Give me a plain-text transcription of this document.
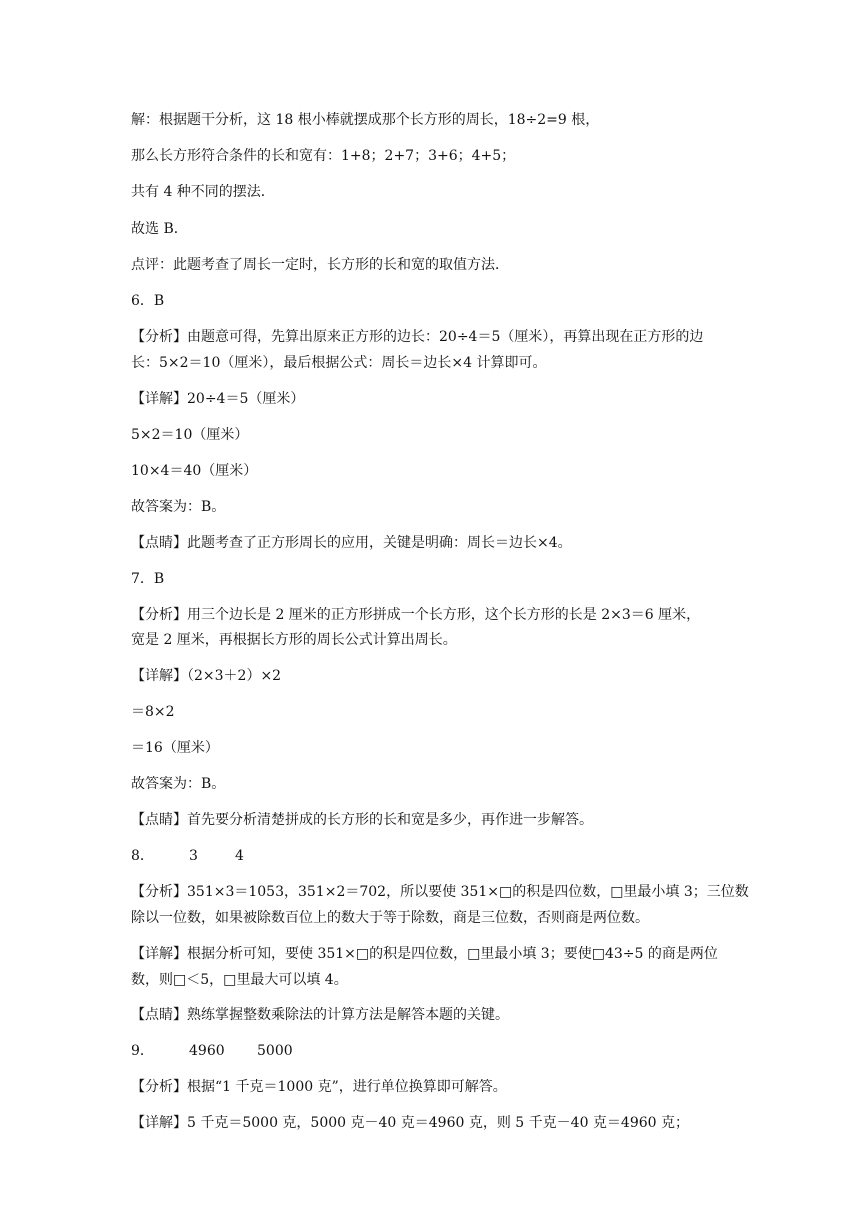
解：根据题干分析，这 18 根小棒就摆成那个长方形的周长，18÷2=9 根，
那么长方形符合条件的长和宽有：1+8；2+7；3+6；4+5；
共有 4 种不同的摆法．
故选 B．
点评：此题考查了周长一定时，长方形的长和宽的取值方法．
6．B
【分析】由题意可得，先算出原来正方形的边长：20÷4＝5（厘米），再算出现在正方形的边
长：5×2＝10（厘米），最后根据公式：周长＝边长×4 计算即可。
【详解】20÷4＝5（厘米）
5×2＝10（厘米）
10×4＝40（厘米）
故答案为：B。
【点睛】此题考查了正方形周长的应用，关键是明确：周长＝边长×4。
7．B
【分析】用三个边长是 2 厘米的正方形拼成一个长方形，这个长方形的长是 2×3＝6 厘米，
宽是 2 厘米，再根据长方形的周长公式计算出周长。
【详解】（2×3＋2）×2
＝8×2
＝16（厘米）
故答案为：B。
【点睛】首先要分析清楚拼成的长方形的长和宽是多少，再作进一步解答。
8．	3	4
【分析】351×3＝1053，351×2＝702，所以要使 351×□的积是四位数，□里最小填 3；三位数
除以一位数，如果被除数百位上的数大于等于除数，商是三位数，否则商是两位数。
【详解】根据分析可知，要使 351×□的积是四位数，□里最小填 3；要使□43÷5 的商是两位
数，则□＜5，□里最大可以填 4。
【点睛】熟练掌握整数乘除法的计算方法是解答本题的关键。
9．	4960 5000
【分析】根据“1 千克＝1000 克”，进行单位换算即可解答。
【详解】5 千克＝5000 克，5000 克－40 克＝4960 克，则 5 千克－40 克＝4960 克；
